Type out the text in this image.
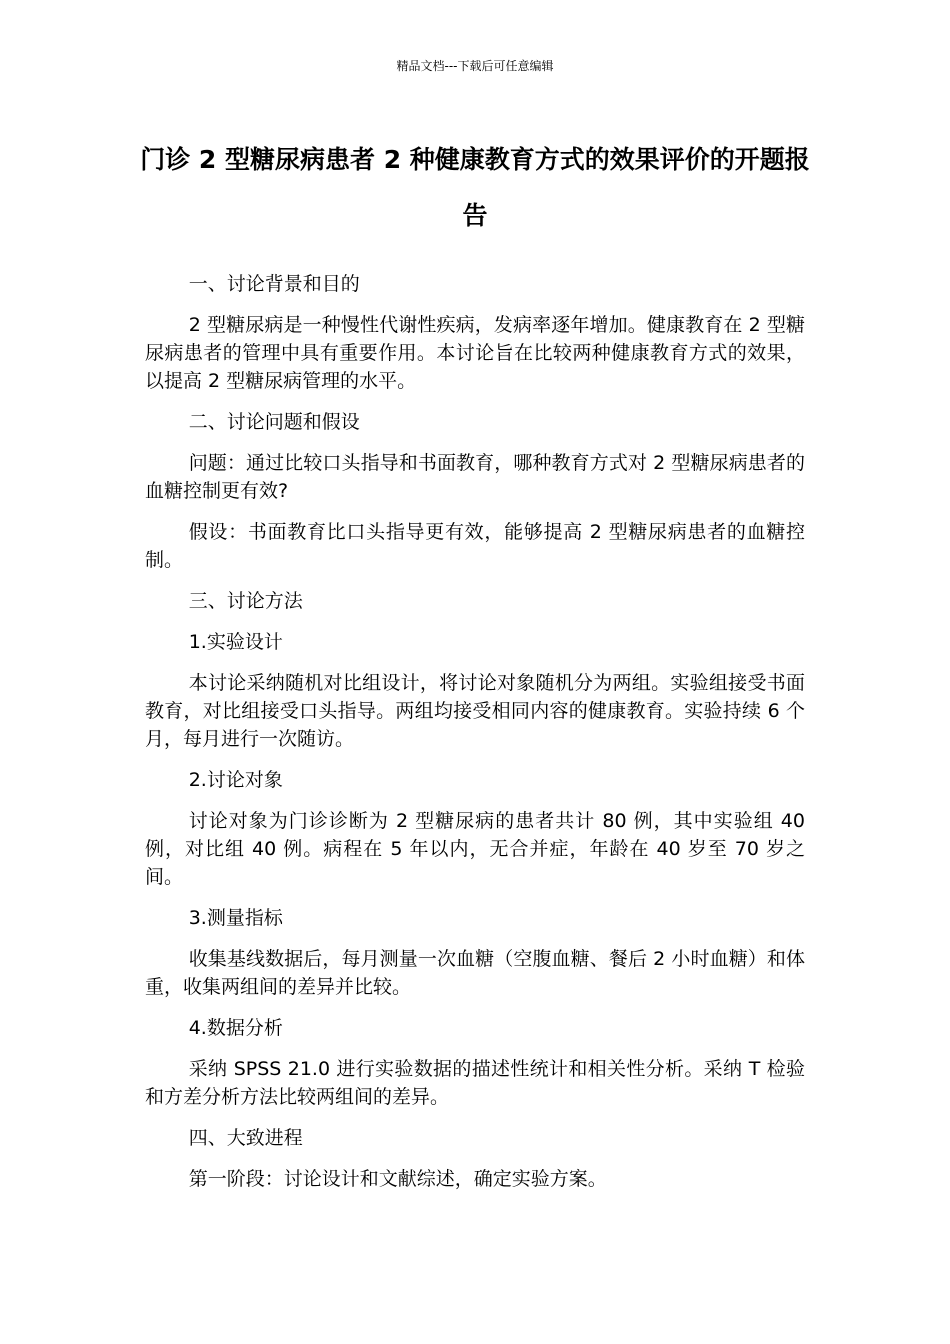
精品文档---下载后可任意编辑
门诊 2 型糖尿病患者 2 种健康教育方式的效果评价的开题报告

一、讨论背景和目的

2 型糖尿病是一种慢性代谢性疾病，发病率逐年增加。健康教育在 2 型糖尿病患者的管理中具有重要作用。本讨论旨在比较两种健康教育方式的效果，以提高 2 型糖尿病管理的水平。

二、讨论问题和假设

问题：通过比较口头指导和书面教育，哪种教育方式对 2 型糖尿病患者的血糖控制更有效?

假设：书面教育比口头指导更有效，能够提高 2 型糖尿病患者的血糖控制。

三、讨论方法

1.实验设计

本讨论采纳随机对比组设计，将讨论对象随机分为两组。实验组接受书面教育，对比组接受口头指导。两组均接受相同内容的健康教育。实验持续 6 个月，每月进行一次随访。

2.讨论对象

讨论对象为门诊诊断为 2 型糖尿病的患者共计 80 例，其中实验组 40 例，对比组 40 例。病程在 5 年以内，无合并症，年龄在 40 岁至 70 岁之间。

3.测量指标

收集基线数据后，每月测量一次血糖（空腹血糖、餐后 2 小时血糖）和体重，收集两组间的差异并比较。

4.数据分析

采纳 SPSS 21.0 进行实验数据的描述性统计和相关性分析。采纳 T 检验和方差分析方法比较两组间的差异。

四、大致进程

第一阶段：讨论设计和文献综述，确定实验方案。
